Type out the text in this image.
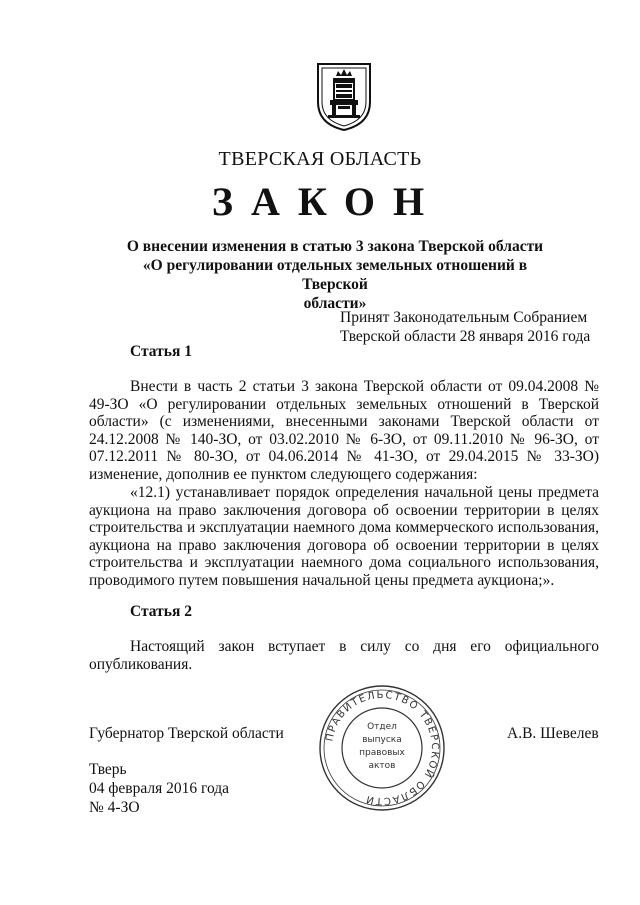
ТВЕРСКАЯ ОБЛАСТЬ
ЗАКОН
О внесении изменения в статью 3 закона Тверской области
«О регулировании отдельных земельных отношений в Тверской
области»
Принят Законодательным Собранием
Тверской области 28 января 2016 года
Статья 1
Внести в часть 2 статьи 3 закона Тверской области от 09.04.2008 № 49-ЗО «О регулировании отдельных земельных отношений в Тверской области» (с изменениями, внесенными законами Тверской области от 24.12.2008 № 140-ЗО, от 03.02.2010 № 6-ЗО, от 09.11.2010 № 96-ЗО, от 07.12.2011 № 80-ЗО, от 04.06.2014 № 41-ЗО, от 29.04.2015 № 33-ЗО) изменение, дополнив ее пунктом следующего содержания:
«12.1) устанавливает порядок определения начальной цены предмета аукциона на право заключения договора об освоении территории в целях строительства и эксплуатации наемного дома коммерческого использования, аукциона на право заключения договора об освоении территории в целях строительства и эксплуатации наемного дома социального использования, проводимого путем повышения начальной цены предмета аукциона;».
Статья 2
Настоящий закон вступает в силу со дня его официального опубликования.
Губернатор Тверской области	А.В. Шевелев
ПРАВИТЕЛЬСТВО ТВЕРСКОЙ ОБЛАСТИ
Отдел
выпуска
правовых
актов
Тверь
04 февраля 2016 года
№ 4-ЗО
